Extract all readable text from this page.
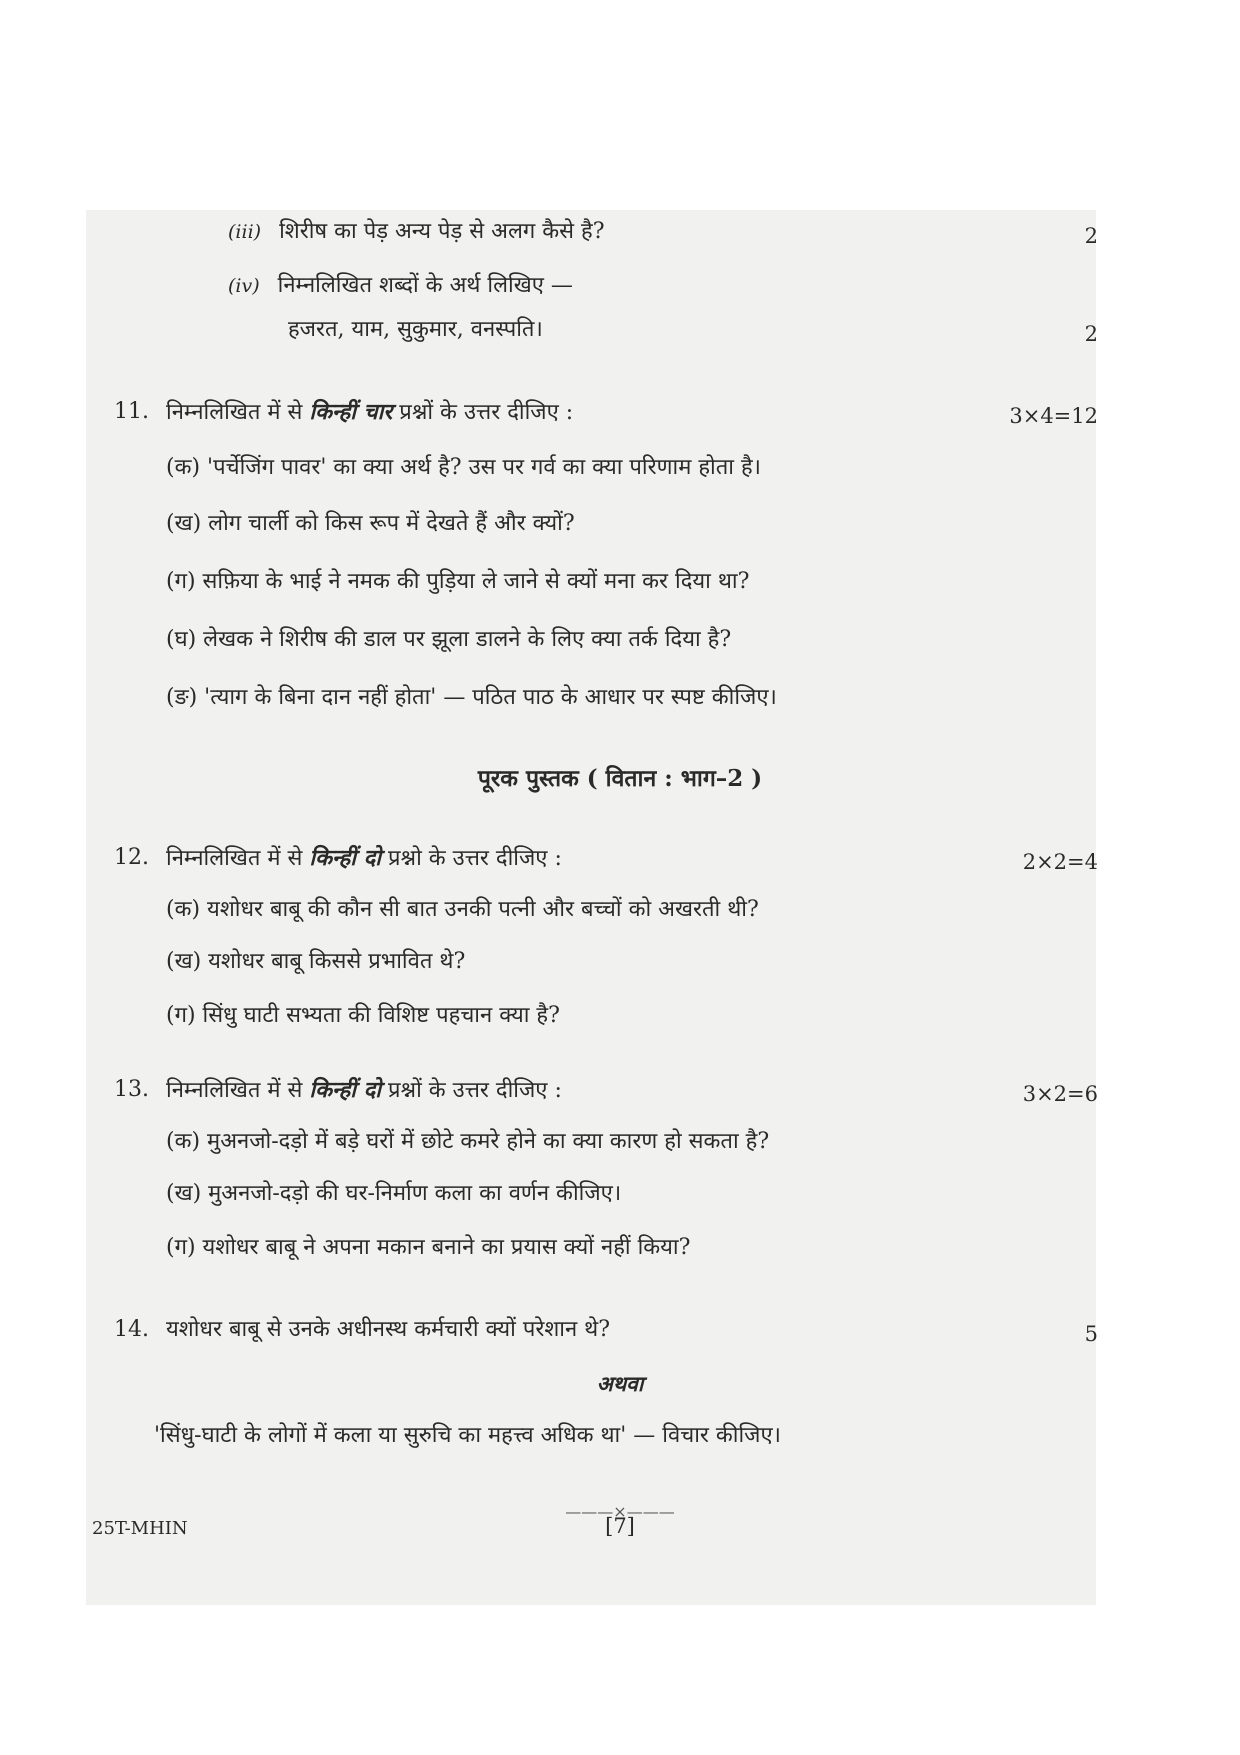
(iii) शिरीष का पेड़ अन्य पेड़ से अलग कैसे है?	2
(iv) निम्नलिखित शब्दों के अर्थ लिखिए —
हजरत, याम, सुकुमार, वनस्पति।	2
11. निम्नलिखित में से किन्हीं चार प्रश्नों के उत्तर दीजिए :	3×4=12
(क) 'पर्चेजिंग पावर' का क्या अर्थ है? उस पर गर्व का क्या परिणाम होता है।
(ख) लोग चार्ली को किस रूप में देखते हैं और क्यों?
(ग) सफ़िया के भाई ने नमक की पुड़िया ले जाने से क्यों मना कर दिया था?
(घ) लेखक ने शिरीष की डाल पर झूला डालने के लिए क्या तर्क दिया है?
(ङ) 'त्याग के बिना दान नहीं होता' — पठित पाठ के आधार पर स्पष्ट कीजिए।
पूरक पुस्तक ( वितान : भाग–2 )
12. निम्नलिखित में से किन्हीं दो प्रश्नो के उत्तर दीजिए :	2×2=4
(क) यशोधर बाबू की कौन सी बात उनकी पत्नी और बच्चों को अखरती थी?
(ख) यशोधर बाबू किससे प्रभावित थे?
(ग) सिंधु घाटी सभ्यता की विशिष्ट पहचान क्या है?
13. निम्नलिखित में से किन्हीं दो प्रश्नों के उत्तर दीजिए :	3×2=6
(क) मुअनजो-दड़ो में बड़े घरों में छोटे कमरे होने का क्या कारण हो सकता है?
(ख) मुअनजो-दड़ो की घर-निर्माण कला का वर्णन कीजिए।
(ग) यशोधर बाबू ने अपना मकान बनाने का प्रयास क्यों नहीं किया?
14. यशोधर बाबू से उनके अधीनस्थ कर्मचारी क्यों परेशान थे?	5
अथवा
'सिंधु-घाटी के लोगों में कला या सुरुचि का महत्त्व अधिक था' — विचार कीजिए।
———×———
25T-MHIN	[7]
